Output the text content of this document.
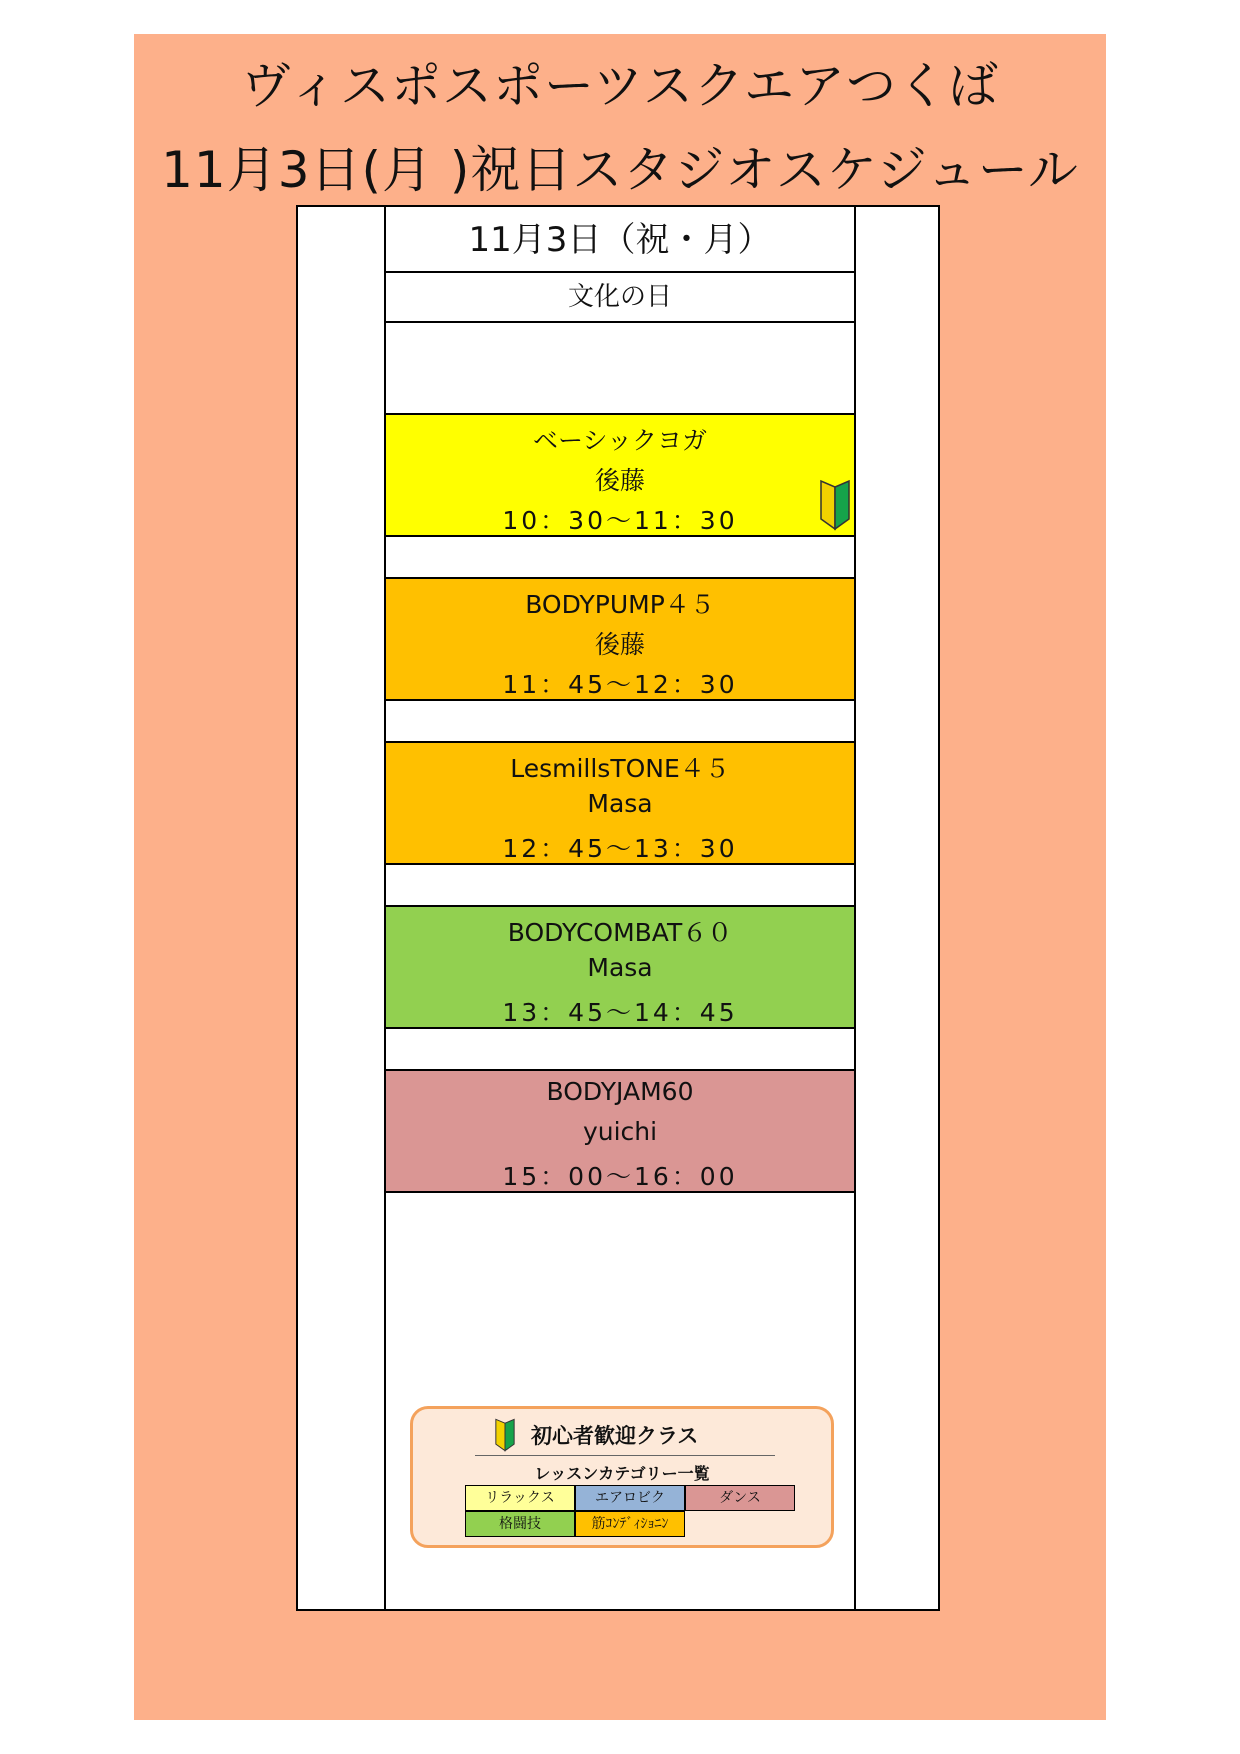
ヴィスポスポーツスクエアつくば
11月3日(月 )祝日スタジオスケジュール
11月3日（祝・月）
文化の日
ベーシックヨガ
後藤
10：30〜11：30
BODYPUMP４５
後藤
11：45〜12：30
LesmillsTONE４５
Masa
12：45〜13：30
BODYCOMBAT６０
Masa
13：45〜14：45
BODYJAM60
yuichi
15：00〜16：00
初心者歓迎クラス
レッスンカテゴリー一覧
リラックス	エアロビク	ダンス
格闘技	筋ｺﾝﾃﾞｨｼｮﾆﾝ
